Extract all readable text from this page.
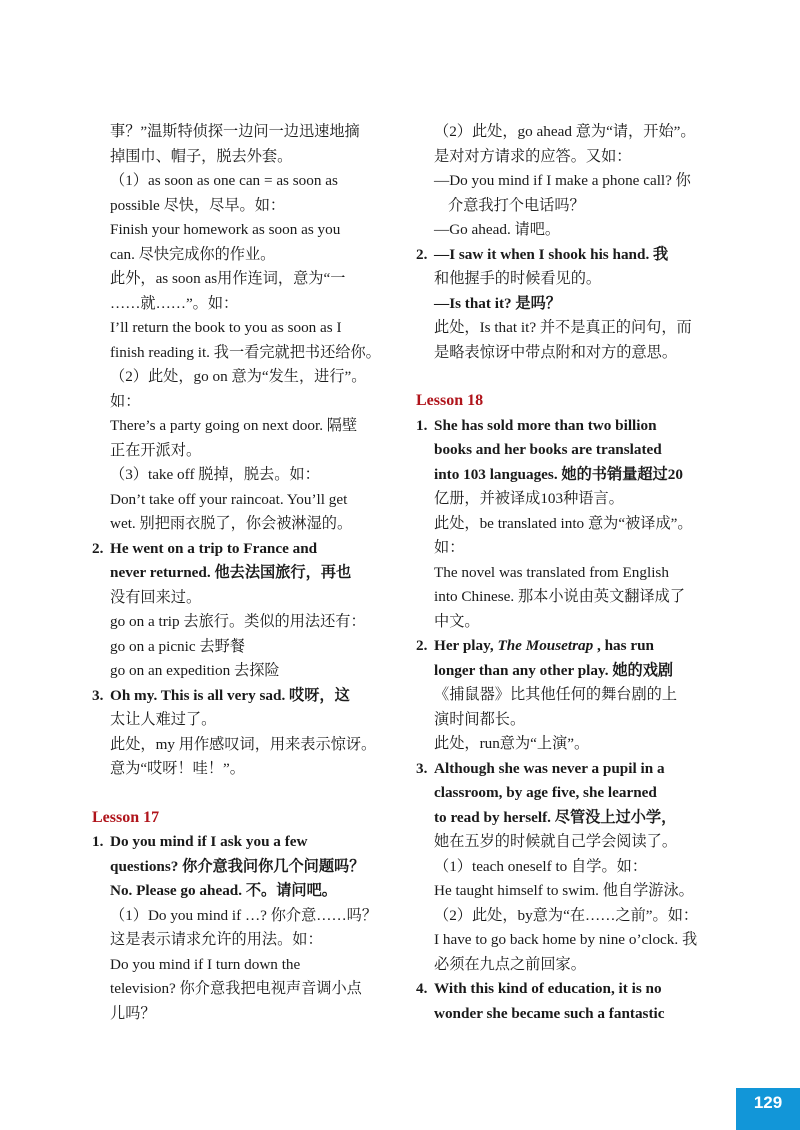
事？”温斯特侦探一边问一边迅速地摘
掉围巾、帽子，脱去外套。
（1）as soon as one can = as soon as
possible 尽快，尽早。如：
Finish your homework as soon as you
can. 尽快完成你的作业。
此外，as soon as用作连词，意为“一
……就……”。如：
I’ll return the book to you as soon as I
finish reading it. 我一看完就把书还给你。
（2）此处，go on 意为“发生，进行”。
如：
There’s a party going on next door. 隔壁
正在开派对。
（3）take off 脱掉，脱去。如：
Don’t take off your raincoat. You’ll get
wet. 别把雨衣脱了，你会被淋湿的。
2. He went on a trip to France and
never returned. 他去法国旅行，再也
没有回来过。
go on a trip 去旅行。类似的用法还有：
go on a picnic 去野餐
go on an expedition 去探险
3. Oh my. This is all very sad. 哎呀，这
太让人难过了。
此处，my 用作感叹词，用来表示惊讶。
意为“哎呀！哇！”。
Lesson 17
1. Do you mind if I ask you a few
questions? 你介意我问你几个问题吗？
No. Please go ahead. 不。请问吧。
（1）Do you mind if …? 你介意……吗？
这是表示请求允许的用法。如：
Do you mind if I turn down the
television? 你介意我把电视声音调小点
儿吗？
（2）此处，go ahead 意为“请，开始”。
是对对方请求的应答。又如：
—Do you mind if I make a phone call? 你
介意我打个电话吗？
—Go ahead. 请吧。
2. —I saw it when I shook his hand. 我
和他握手的时候看见的。
—Is that it? 是吗？
此处，Is that it? 并不是真正的问句，而
是略表惊讶中带点附和对方的意思。
Lesson 18
1. She has sold more than two billion
books and her books are translated
into 103 languages. 她的书销量超过20
亿册，并被译成103种语言。
此处，be translated into 意为“被译成”。
如：
The novel was translated from English
into Chinese. 那本小说由英文翻译成了
中文。
2. Her play, The Mousetrap , has run
longer than any other play. 她的戏剧
《捕鼠器》比其他任何的舞台剧的上
演时间都长。
此处，run意为“上演”。
3. Although she was never a pupil in a
classroom, by age five, she learned
to read by herself. 尽管没上过小学，
她在五岁的时候就自己学会阅读了。
（1）teach oneself to 自学。如：
He taught himself to swim. 他自学游泳。
（2）此处，by意为“在……之前”。如：
I have to go back home by nine o’clock. 我
必须在九点之前回家。
4. With this kind of education, it is no
wonder she became such a fantastic
129
